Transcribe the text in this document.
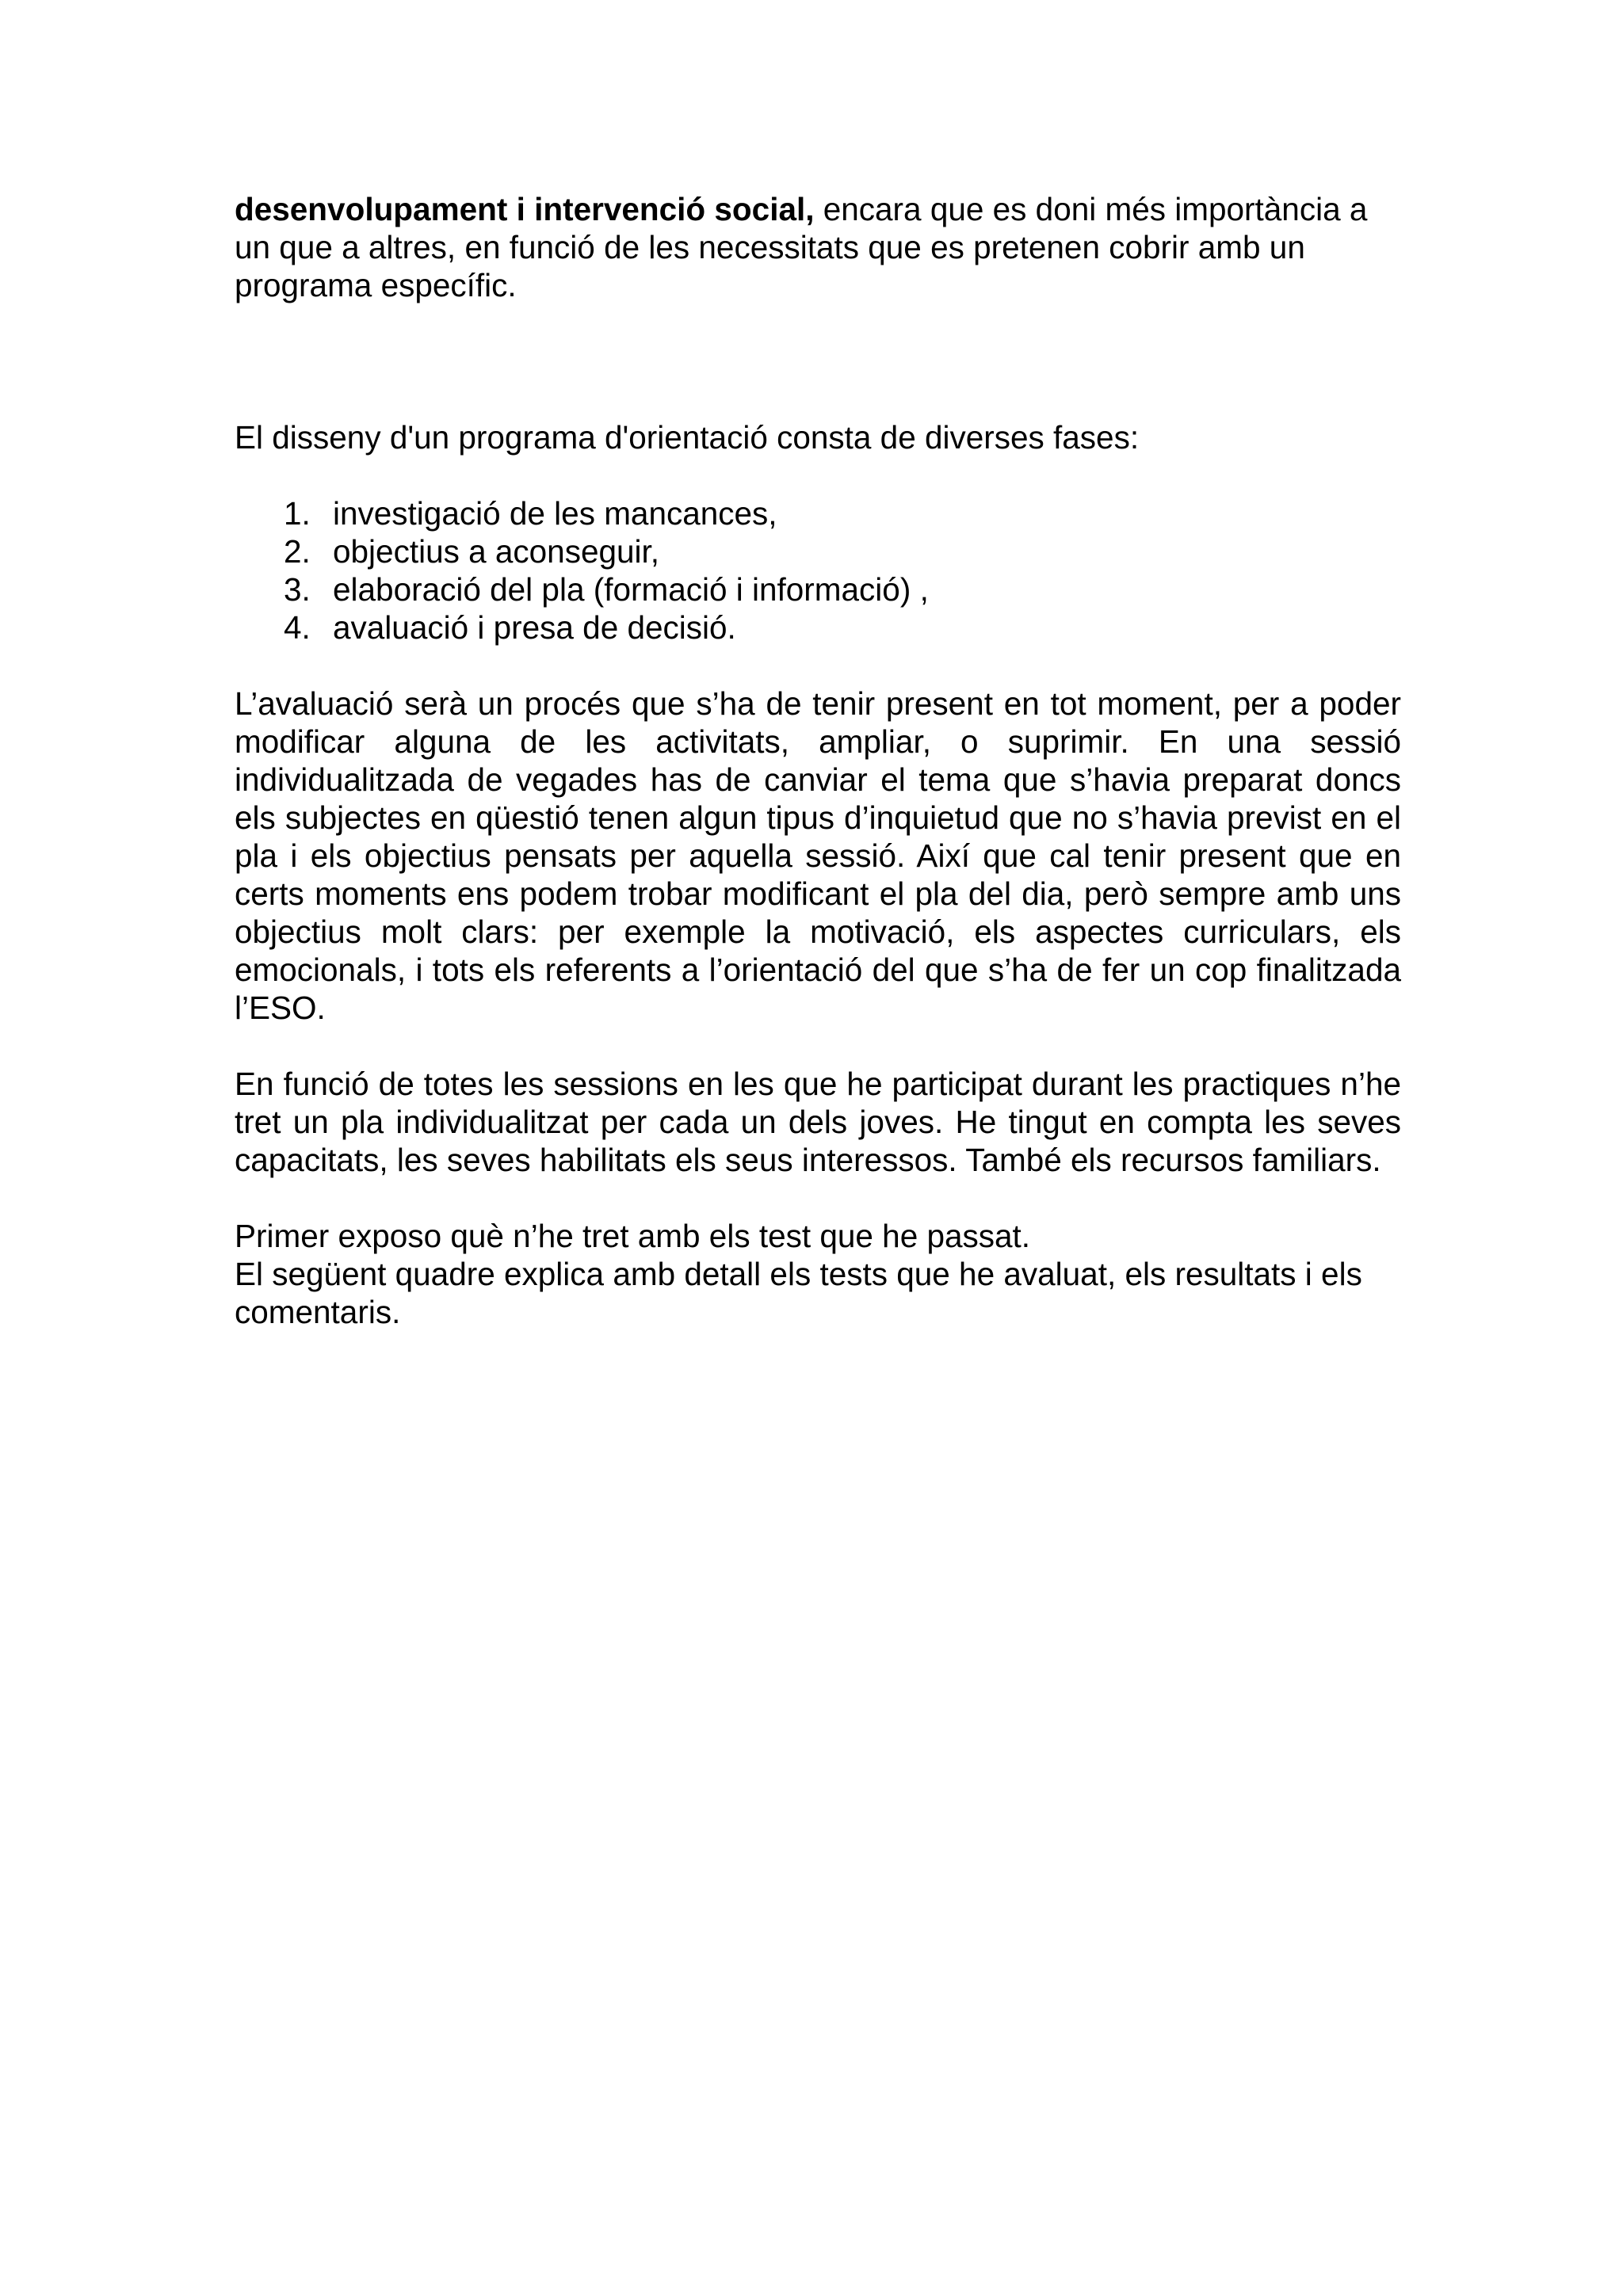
desenvolupament i intervenció social, encara que es doni més importància a un que a altres, en funció de les necessitats que es pretenen cobrir amb un programa específic.

El disseny d'un programa d'orientació consta de diverses fases:

1. investigació de les mancances,
2. objectius a aconseguir,
3. elaboració del pla (formació i informació) ,
4. avaluació i presa de decisió.

L’avaluació serà un procés que s’ha de tenir present en tot moment, per a poder modificar alguna de les activitats, ampliar, o suprimir. En una sessió individualitzada de vegades has de canviar el tema que s’havia preparat doncs els subjectes en qüestió tenen algun tipus d’inquietud que no s’havia previst en el pla i els objectius pensats per aquella sessió. Així que cal tenir present que en certs moments ens podem trobar modificant el pla del dia, però sempre amb uns objectius molt clars: per exemple la motivació, els aspectes curriculars, els emocionals, i tots els referents a l’orientació del que s’ha de fer un cop finalitzada l’ESO.

En funció de totes les sessions en les que he participat durant les practiques n’he tret un pla individualitzat per cada un dels joves. He tingut en compta les seves capacitats, les seves habilitats els seus interessos. També els recursos familiars.

Primer exposo què n’he tret amb els test que he passat.

El següent quadre explica amb detall els tests que he avaluat, els resultats i els comentaris.
